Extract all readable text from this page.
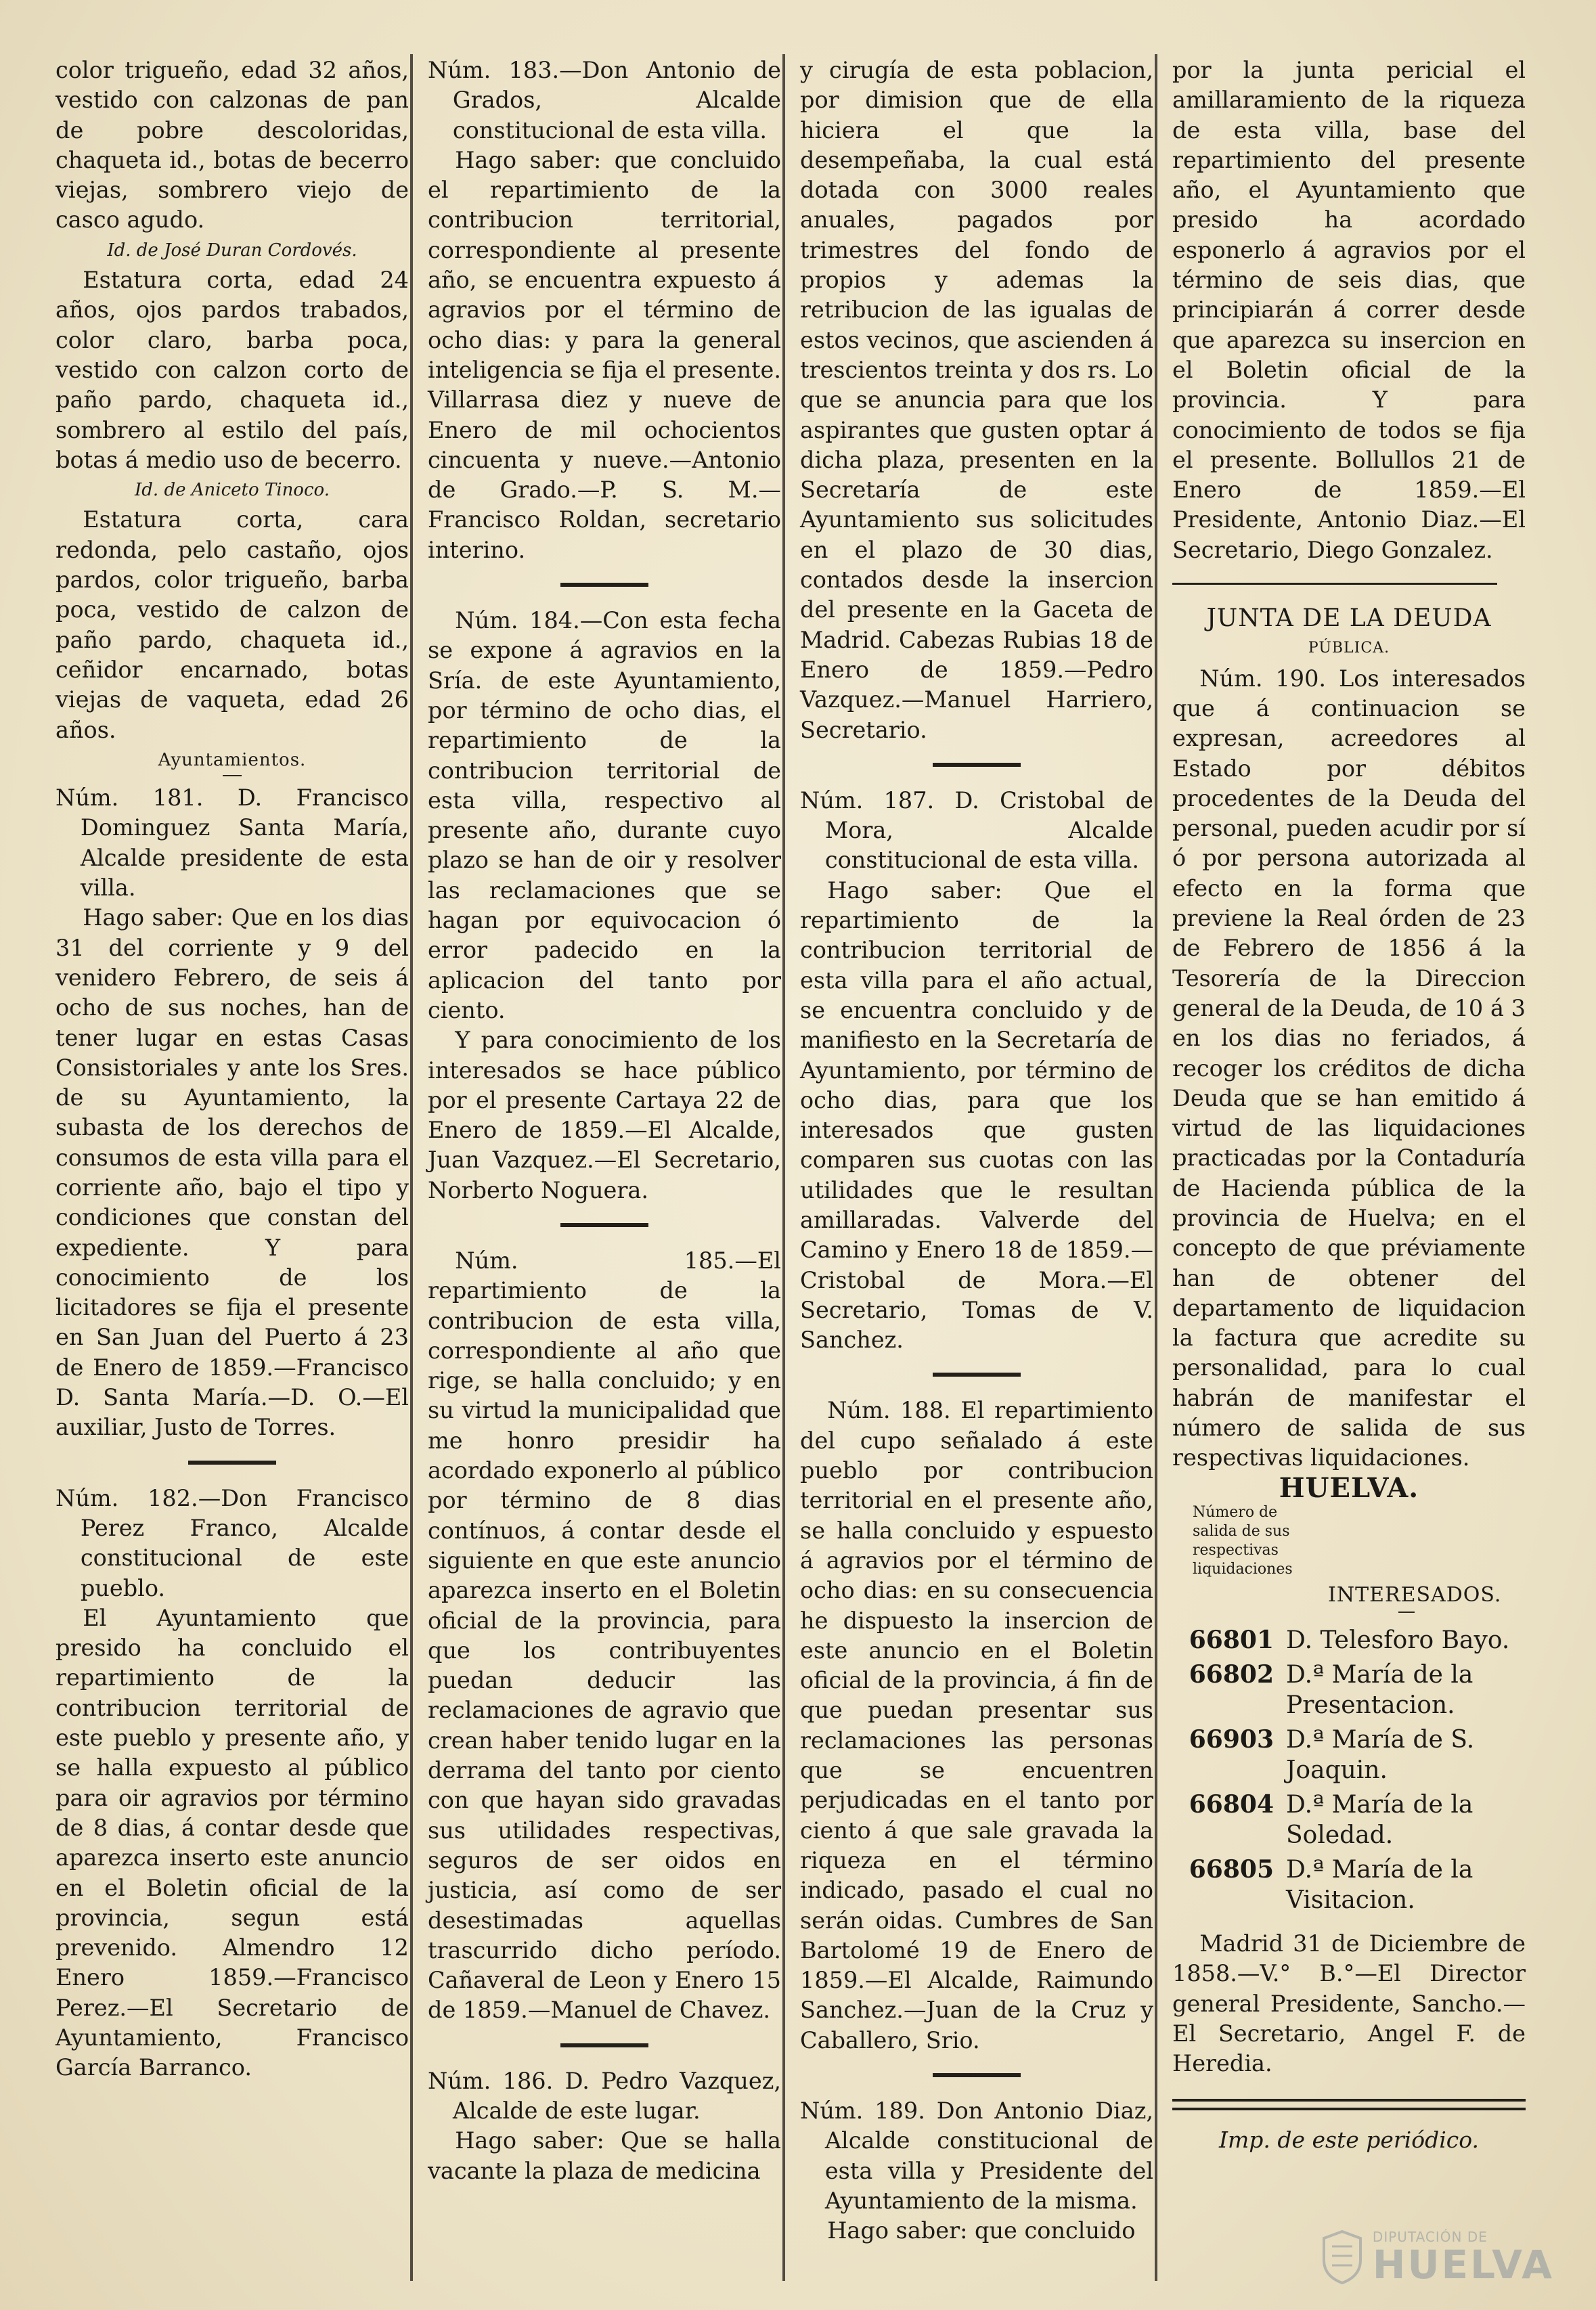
color trigueño, edad 32 años, vestido con calzonas de pan de pobre descoloridas, chaqueta id., botas de becerro viejas, sombrero viejo de casco agudo.

Id. de José Duran Cordovés.

Estatura corta, edad 24 años, ojos pardos trabados, color claro, barba poca, vestido con calzon corto de paño pardo, chaqueta id., sombrero al estilo del país, botas á medio uso de becerro.

Id. de Aniceto Tinoco.

Estatura corta, cara redonda, pelo castaño, ojos pardos, color trigueño, barba poca, vestido de calzon de paño pardo, chaqueta id., ceñidor encarnado, botas viejas de vaqueta, edad 26 años.

Ayuntamientos.

Núm. 181. D. Francisco Dominguez Santa María, Alcalde presidente de esta villa.

Hago saber: Que en los dias 31 del corriente y 9 del venidero Febrero, de seis á ocho de sus noches, han de tener lugar en estas Casas Consistoriales y ante los Sres. de su Ayuntamiento, la subasta de los derechos de consumos de esta villa para el corriente año, bajo el tipo y condiciones que constan del expediente. Y para conocimiento de los licitadores se fija el presente en San Juan del Puerto á 23 de Enero de 1859.—Francisco D. Santa María.—D. O.—El auxiliar, Justo de Torres.

Núm. 182.—Don Francisco Perez Franco, Alcalde constitucional de este pueblo.

El Ayuntamiento que presido ha concluido el repartimiento de la contribucion territorial de este pueblo y presente año, y se halla expuesto al público para oir agravios por término de 8 dias, á contar desde que aparezca inserto este anuncio en el Boletin oficial de la provincia, segun está prevenido. Almendro 12 Enero 1859.—Francisco Perez.—El Secretario de Ayuntamiento, Francisco García Barranco.

Núm. 183.—Don Antonio de Grados, Alcalde constitucional de esta villa.

Hago saber: que concluido el repartimiento de la contribucion territorial, correspondiente al presente año, se encuentra expuesto á agravios por el término de ocho dias: y para la general inteligencia se fija el presente. Villarrasa diez y nueve de Enero de mil ochocientos cincuenta y nueve.—Antonio de Grado.—P. S. M.—Francisco Roldan, secretario interino.

Núm. 184.—Con esta fecha se expone á agravios en la Sría. de este Ayuntamiento, por término de ocho dias, el repartimiento de la contribucion territorial de esta villa, respectivo al presente año, durante cuyo plazo se han de oir y resolver las reclamaciones que se hagan por equivocacion ó error padecido en la aplicacion del tanto por ciento.

Y para conocimiento de los interesados se hace público por el presente Cartaya 22 de Enero de 1859.—El Alcalde, Juan Vazquez.—El Secretario, Norberto Noguera.

Núm. 185.—El repartimiento de la contribucion de esta villa, correspondiente al año que rige, se halla concluido; y en su virtud la municipalidad que me honro presidir ha acordado exponerlo al público por término de 8 dias contínuos, á contar desde el siguiente en que este anuncio aparezca inserto en el Boletin oficial de la provincia, para que los contribuyentes puedan deducir las reclamaciones de agravio que crean haber tenido lugar en la derrama del tanto por ciento con que hayan sido gravadas sus utilidades respectivas, seguros de ser oidos en justicia, así como de ser desestimadas aquellas trascurrido dicho período. Cañaveral de Leon y Enero 15 de 1859.—Manuel de Chavez.

Núm. 186. D. Pedro Vazquez, Alcalde de este lugar.

Hago saber: Que se halla vacante la plaza de medicina

y cirugía de esta poblacion, por dimision que de ella hiciera el que la desempeñaba, la cual está dotada con 3000 reales anuales, pagados por trimestres del fondo de propios y ademas la retribucion de las igualas de estos vecinos, que ascienden á trescientos treinta y dos rs. Lo que se anuncia para que los aspirantes que gusten optar á dicha plaza, presenten en la Secretaría de este Ayuntamiento sus solicitudes en el plazo de 30 dias, contados desde la insercion del presente en la Gaceta de Madrid. Cabezas Rubias 18 de Enero de 1859.—Pedro Vazquez.—Manuel Harriero, Secretario.

Núm. 187. D. Cristobal de Mora, Alcalde constitucional de esta villa.

Hago saber: Que el repartimiento de la contribucion territorial de esta villa para el año actual, se encuentra concluido y de manifiesto en la Secretaría de Ayuntamiento, por término de ocho dias, para que los interesados que gusten comparen sus cuotas con las utilidades que le resultan amillaradas. Valverde del Camino y Enero 18 de 1859.—Cristobal de Mora.—El Secretario, Tomas de V. Sanchez.

Núm. 188. El repartimiento del cupo señalado á este pueblo por contribucion territorial en el presente año, se halla concluido y espuesto á agravios por el término de ocho dias: en su consecuencia he dispuesto la insercion de este anuncio en el Boletin oficial de la provincia, á fin de que puedan presentar sus reclamaciones las personas que se encuentren perjudicadas en el tanto por ciento á que sale gravada la riqueza en el término indicado, pasado el cual no serán oidas. Cumbres de San Bartolomé 19 de Enero de 1859.—El Alcalde, Raimundo Sanchez.—Juan de la Cruz y Caballero, Srio.

Núm. 189. Don Antonio Diaz, Alcalde constitucional de esta villa y Presidente del Ayuntamiento de la misma.

Hago saber: que concluido

por la junta pericial el amillaramiento de la riqueza de esta villa, base del repartimiento del presente año, el Ayuntamiento que presido ha acordado esponerlo á agravios por el término de seis dias, que principiarán á correr desde que aparezca su insercion en el Boletin oficial de la provincia. Y para conocimiento de todos se fija el presente. Bollullos 21 de Enero de 1859.—El Presidente, Antonio Diaz.—El Secretario, Diego Gonzalez.

JUNTA DE LA DEUDA

PÚBLICA.

Núm. 190. Los interesados que á continuacion se expresan, acreedores al Estado por débitos procedentes de la Deuda del personal, pueden acudir por sí ó por persona autorizada al efecto en la forma que previene la Real órden de 23 de Febrero de 1856 á la Tesorería de la Direccion general de la Deuda, de 10 á 3 en los dias no feriados, á recoger los créditos de dicha Deuda que se han emitido á virtud de las liquidaciones practicadas por la Contaduría de Hacienda pública de la provincia de Huelva; en el concepto de que préviamente han de obtener del departamento de liquidacion la factura que acredite su personalidad, para lo cual habrán de manifestar el número de salida de sus respectivas liquidaciones.

HUELVA.

Número de salida de sus respectivas liquidaciones
INTERESADOS.
66801 D. Telesforo Bayo.
66802 D.ª María de la Presentacion.
66903 D.ª María de S. Joaquin.
66804 D.ª María de la Soledad.
66805 D.ª María de la Visitacion.

Madrid 31 de Diciembre de 1858.—V.° B.°—El Director general Presidente, Sancho.—El Secretario, Angel F. de Heredia.

Imp. de este periódico.

DIPUTACIÓN DE
HUELVA
